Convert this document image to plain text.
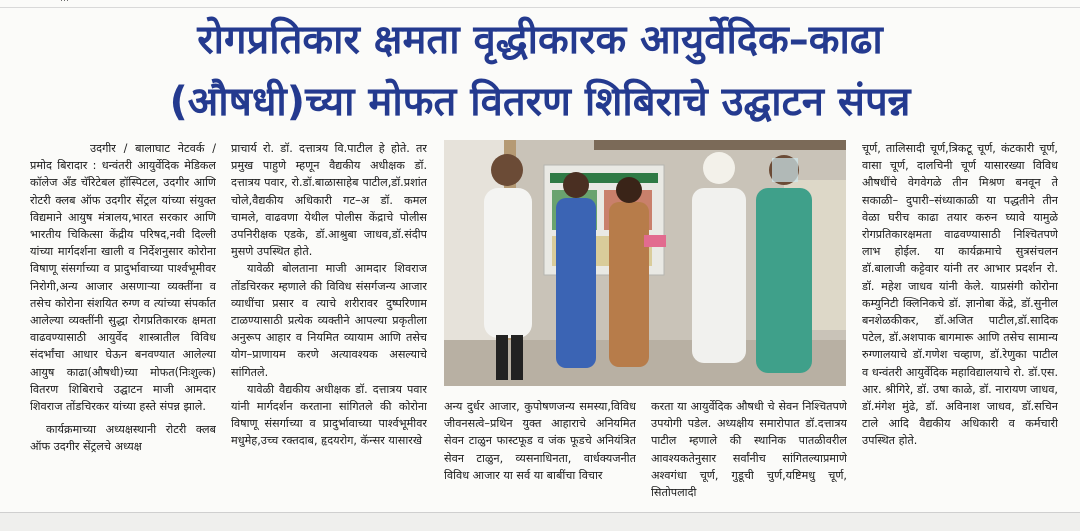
रोगप्रतिकार क्षमता वृद्धीकारक आयुर्वेदिक–काढा
(औषधी)च्या मोफत वितरण शिबिराचे उद्घाटन संपन्न

उदगीर / बालाघाट नेटवर्क / प्रमोद बिरादार : धन्वंतरी आयुर्वेदिक मेडिकल कॉलेज अँड चॅरिटेबल हॉस्पिटल, उदगीर आणि रोटरी क्लब ऑफ उदगीर सेंट्रल यांच्या संयुक्त विद्यमाने आयुष मंत्रालय,भारत सरकार आणि भारतीय चिकित्सा केंद्रीय परिषद,नवी दिल्ली यांच्या मार्गदर्शना खाली व निर्देशनुसार कोरोना विषाणू संसर्गाच्या व प्रादुर्भावाच्या पार्श्वभूमीवर निरोगी,अन्य आजार असणाऱ्या व्यक्तींना व तसेच कोरोना संशयित रुग्ण व त्यांच्या संपर्कात आलेल्या व्यक्तींनी सुद्धा रोगप्रतिकारक क्षमता वाढवण्यासाठी आयुर्वेद शास्त्रातील विविध संदर्भांचा आधार घेऊन बनवण्यात आलेल्या आयुष काढा(औषधी)च्या मोफत(निःशुल्क) वितरण शिबिराचे उद्घाटन माजी आमदार शिवराज तोंडचिरकर यांच्या हस्ते संपन्न झाले.

कार्यक्रमाच्या अध्यक्षस्थानी रोटरी क्लब ऑफ उदगीर सेंट्रलचे अध्यक्ष

प्राचार्य रो. डॉ. दत्तात्रय वि.पाटील हे होते. तर प्रमुख पाहुणे म्हणून वैद्यकीय अधीक्षक डॉ. दत्तात्रय पवार, रो.डॉ.बाळासाहेब पाटील,डॉ.प्रशांत चोले,वैद्यकीय अधिकारी गट–अ डॉ. कमल चामले, वाढवणा येथील पोलीस केंद्राचे पोलीस उपनिरीक्षक एडके, डॉ.आश्रुबा जाधव,डॉ.संदीप मुसणे उपस्थित होते.

यावेळी बोलताना माजी आमदार शिवराज तोंडचिरकर म्हणाले की विविध संसर्गजन्य आजार व्याधींचा प्रसार व त्याचे शरीरावर दुष्परिणाम टाळण्यासाठी प्रत्येक व्यक्तीने आपल्या प्रकृतीला अनुरूप आहार व नियमित व्यायाम आणि तसेच योग–प्राणायम करणे अत्यावश्यक असल्याचे सांगितले.

यावेळी वैद्यकीय अधीक्षक डॉ. दत्तात्रय पवार यांनी मार्गदर्शन करताना सांगितले की कोरोना विषाणू संसर्गाच्या व प्रादुर्भावाच्या पार्श्वभूमीवर मधुमेह,उच्च रक्तदाब, हृदयरोग, कॅन्सर यासारखे

अन्य दुर्धर आजार, कुपोषणजन्य समस्या,विविध जीवनसत्वे–प्रथिन युक्त आहाराचे अनियमित सेवन टाळुन फास्टफूड व जंक फूडचे अनियंत्रित सेवन टाळुन, व्यसनाधिनता, वार्धक्यजनीत विविध आजार या सर्व या बाबींचा विचार

करता या आयुर्वेदिक औषधी चे सेवन निश्चितपणे उपयोगी पडेल. अध्यक्षीय समारोपात डॉ.दत्तात्रय पाटील म्हणाले की स्थानिक पातळीवरील आवश्यकतेनुसार सर्वांनीच सांगितल्याप्रमाणे अश्वगंधा चूर्ण, गुडूची चुर्ण,यष्टिमधु चूर्ण, सितोपलादी

चूर्ण, तालिसादी चूर्ण,त्रिकटू चूर्ण, कंटकारी चूर्ण, वासा चूर्ण, दालचिनी चूर्ण यासारख्या विविध औषधींचे वेगवेगळे तीन मिश्रण बनवून ते सकाळी– दुपारी–संध्याकाळी या पद्धतीने तीन वेळा घरीच काढा तयार करुन घ्यावे यामुळे रोगप्रतिकारक्षमता वाढवण्यासाठी निश्चितपणे लाभ होईल. या कार्यक्रमाचे सुत्रसंचलन डॉ.बालाजी कट्टेवार यांनी तर आभार प्रदर्शन रो. डॉ. महेश जाधव यांनी केले. याप्रसंगी कोरोना कम्युनिटी क्लिनिकचे डॉ. ज्ञानोबा केंद्रे, डॉ.सुनील बनशेळकीकर, डॉ.अजित पाटील,डॉ.सादिक पटेल, डॉ.अशपाक बागमारू आणि तसेच सामान्य रुग्णालयाचे डॉ.गणेश चव्हाण, डॉ.रेणुका पाटील व धन्वंतरी आयुर्वेदिक महाविद्यालयाचे रो. डॉ.एस. आर. श्रीगिरे, डॉ. उषा काळे, डॉ. नारायण जाधव, डॉ.मंगेश मुंढे, डॉ. अविनाश जाधव, डॉ.सचिन टाले आदि वैद्यकीय अधिकारी व कर्मचारी उपस्थित होते.
